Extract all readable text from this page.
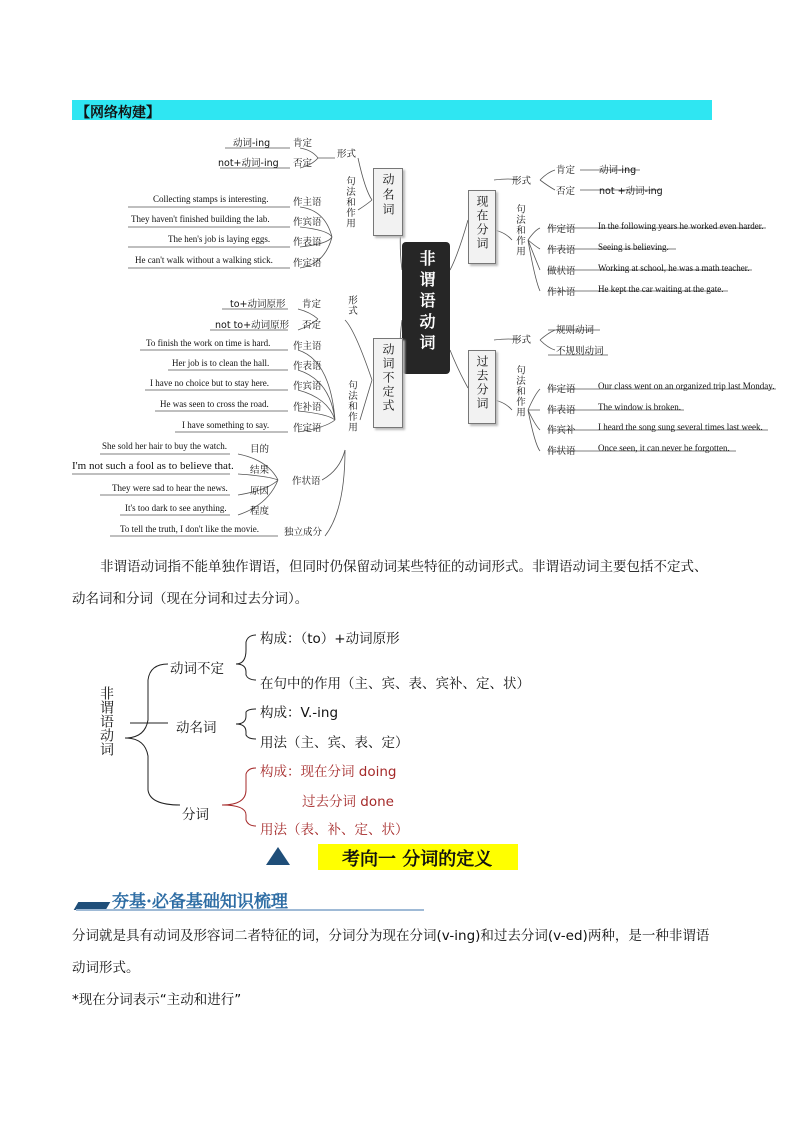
【网络构建】
非谓语动词
动名词
动词不定式
现在分词
过去分词
形式
句法和作用
动词-ing 肯定
not+动词-ing 否定
Collecting stamps is interesting.	作主语
They haven't finished building the lab. 作宾语
The hen's job is laying eggs. 作表语
He can't walk without a walking stick. 作定语
形式
句法和作用
to+动词原形 肯定
not to+动词原形 否定
To finish the work on time is hard. 作主语
Her job is to clean the hall.	作表语
I have no choice but to stay here.	作宾语
He was seen to cross the road.	作补语
I have something to say.	作定语
作状语
She sold her hair to buy the watch. 目的
I'm not such a fool as to believe that. 结果
They were sad to hear the news. 原因
It's too dark to see anything. 程度
To tell the truth, I don't like the movie.	独立成分
形式
句法和作用
肯定	动词-ing
否定	not +动词-ing
作定语 In the following years he worked even harder.
作表语 Seeing is believing.
做状语 Working at school, he was a math teacher.
作补语 He kept the car waiting at the gate.
形式
句法和作用
规则动词
不规则动词
作定语 Our class went on an organized trip last Monday.
作表语 The window is broken.
作宾补 I heard the song sung several times last week.
作状语 Once seen, it can never be forgotten.
非谓语动词指不能单独作谓语，但同时仍保留动词某些特征的动词形式。非谓语动词主要包括不定式、
动名词和分词（现在分词和过去分词）。
非谓语动词
动词不定
构成：（to）+动词原形
在句中的作用（主、宾、表、宾补、定、状）
动名词
构成：V.-ing
用法（主、宾、表、定）
分词
构成：现在分词 doing
过去分词 done
用法（表、补、定、状）
考向一 分词的定义
夯基·必备基础知识梳理
分词就是具有动词及形容词二者特征的词，分词分为现在分词(v-ing)和过去分词(v-ed)两种，是一种非谓语
动词形式。
*现在分词表示“主动和进行”
